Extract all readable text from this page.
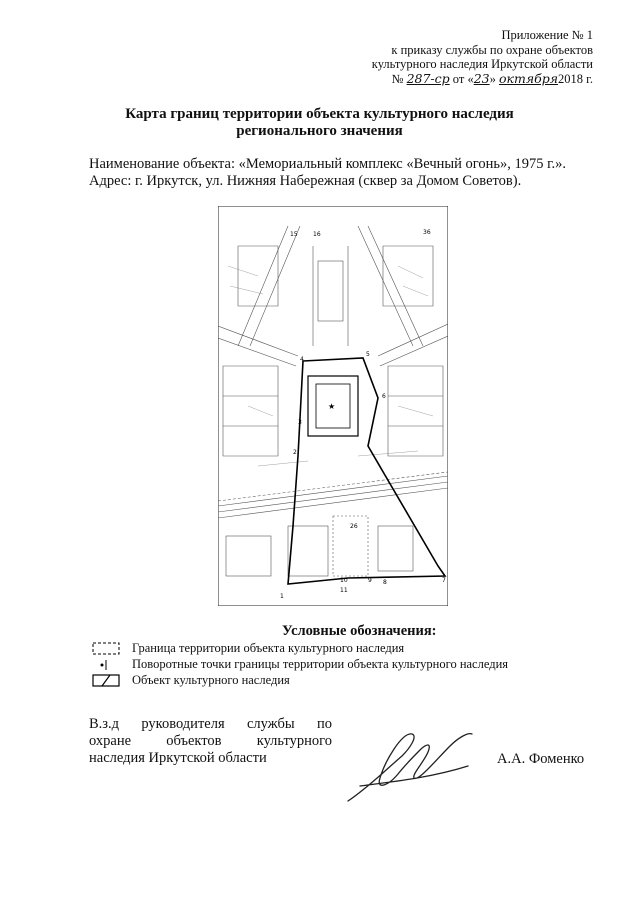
Приложение № 1
к приказу службы по охране объектов
культурного наследия Иркутской области
№ 287-ср от «23» октября2018 г.
Карта границ территории объекта культурного наследия
регионального значения
Наименование объекта: «Мемориальный комплекс «Вечный огонь», 1975 г.».
Адрес: г. Иркутск, ул. Нижняя Набережная (сквер за Домом Советов).
★
1
2
3
4
5
6
7
8
9
10
11
15	16
26
36
Условные обозначения:
Граница территории объекта культурного наследия
Поворотные точки границы территории объекта культурного наследия
Объект культурного наследия
В.з.д руководителя службы по
охране объектов культурного
наследия Иркутской области	А.А. Фоменко
